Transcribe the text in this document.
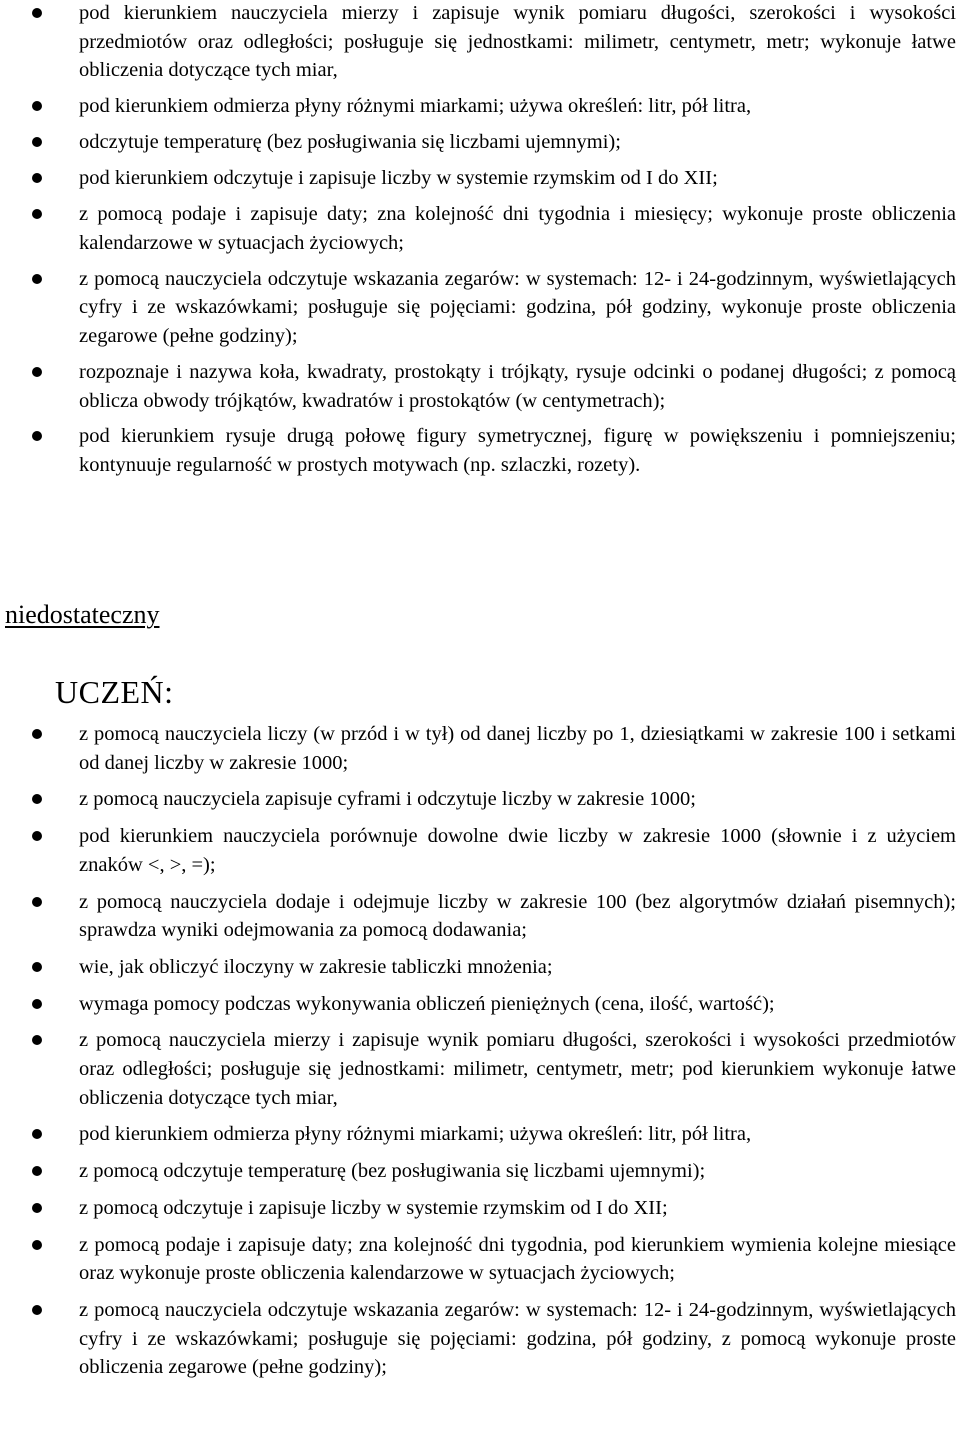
pod kierunkiem nauczyciela mierzy i zapisuje wynik pomiaru długości, szerokości i wysokości przedmiotów oraz odległości; posługuje się jednostkami: milimetr, centymetr, metr; wykonuje łatwe obliczenia dotyczące tych miar,
pod kierunkiem odmierza płyny różnymi miarkami; używa określeń: litr, pół litra,
odczytuje temperaturę (bez posługiwania się liczbami ujemnymi);
pod kierunkiem odczytuje i zapisuje liczby w systemie rzymskim od I do XII;
z pomocą podaje i zapisuje daty; zna kolejność dni tygodnia i miesięcy; wykonuje proste obliczenia kalendarzowe w sytuacjach życiowych;
z pomocą nauczyciela odczytuje wskazania zegarów: w systemach: 12- i 24-godzinnym, wyświetlających cyfry i ze wskazówkami; posługuje się pojęciami: godzina, pół godziny, wykonuje proste obliczenia zegarowe (pełne godziny);
rozpoznaje i nazywa koła, kwadraty, prostokąty i trójkąty, rysuje odcinki o podanej długości; z pomocą oblicza obwody trójkątów, kwadratów i prostokątów (w centymetrach);
pod kierunkiem rysuje drugą połowę figury symetrycznej, figurę w powiększeniu i pomniejszeniu; kontynuuje regularność w prostych motywach (np. szlaczki, rozety).
niedostateczny
UCZEŃ:
z pomocą nauczyciela liczy (w przód i w tył) od danej liczby po 1, dziesiątkami w zakresie 100 i setkami od danej liczby w zakresie 1000;
z pomocą nauczyciela zapisuje cyframi i odczytuje liczby w zakresie 1000;
pod kierunkiem nauczyciela porównuje dowolne dwie liczby w zakresie 1000 (słownie i z użyciem znaków <, >, =);
z pomocą nauczyciela dodaje i odejmuje liczby w zakresie 100 (bez algorytmów działań pisemnych); sprawdza wyniki odejmowania za pomocą dodawania;
wie, jak obliczyć iloczyny w zakresie tabliczki mnożenia;
wymaga pomocy podczas wykonywania obliczeń pieniężnych (cena, ilość, wartość);
z pomocą nauczyciela mierzy i zapisuje wynik pomiaru długości, szerokości i wysokości przedmiotów oraz odległości; posługuje się jednostkami: milimetr, centymetr, metr; pod kierunkiem wykonuje łatwe obliczenia dotyczące tych miar,
pod kierunkiem odmierza płyny różnymi miarkami; używa określeń: litr, pół litra,
z pomocą odczytuje temperaturę (bez posługiwania się liczbami ujemnymi);
z pomocą odczytuje i zapisuje liczby w systemie rzymskim od I do XII;
z pomocą podaje i zapisuje daty; zna kolejność dni tygodnia, pod kierunkiem wymienia kolejne miesiące oraz wykonuje proste obliczenia kalendarzowe w sytuacjach życiowych;
z pomocą nauczyciela odczytuje wskazania zegarów: w systemach: 12- i 24-godzinnym, wyświetlających cyfry i ze wskazówkami; posługuje się pojęciami: godzina, pół godziny, z pomocą wykonuje proste obliczenia zegarowe (pełne godziny);
